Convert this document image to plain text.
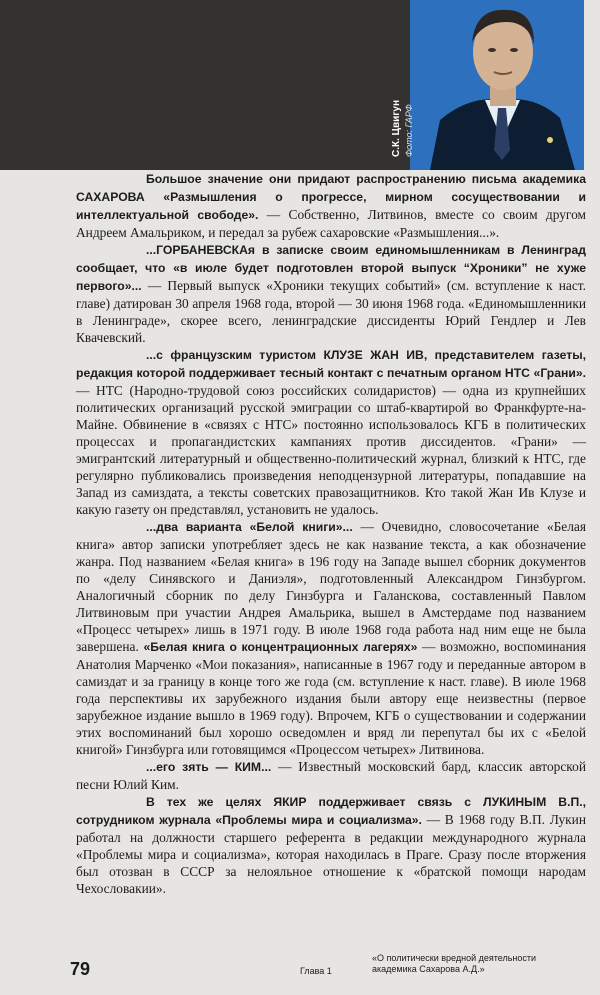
С.К. Цвигун Фото: ГАРФ

Большое значение они придают распространению письма академика САХАРОВА «Размышления о прогрессе, мирном сосуществовании и интеллектуальной свободе». — Собственно, Литвинов, вместе со своим другом Андреем Амальриком, и передал за рубеж сахаровские «Размышления...».

...ГОРБАНЕВСКАя в записке своим единомышленникам в Ленинград сообщает, что «в июле будет подготовлен второй выпуск “Хроники” не хуже первого»... — Первый выпуск «Хроники текущих событий» (см. вступление к наст. главе) датирован 30 апреля 1968 года, второй — 30 июня 1968 года. «Единомышленники в Ленинграде», скорее всего, ленинградские диссиденты Юрий Гендлер и Лев Квачевский.

...с французским туристом КЛУЗЕ ЖАН ИВ, представителем газеты, редакция которой поддерживает тесный контакт с печатным органом НТС «Грани». — НТС (Народно-трудовой союз российских солидаристов) — одна из крупнейших политических организаций русской эмиграции со штаб-квартирой во Франкфурте-на-Майне. Обвинение в «связях с НТС» постоянно использовалось КГБ в политических процессах и пропагандистских кампаниях против диссидентов. «Грани» — эмигрантский литературный и общественно-политический журнал, близкий к НТС, где регулярно публиковались произведения неподцензурной литературы, попадавшие на Запад из самиздата, а тексты советских правозащитников. Кто такой Жан Ив Клузе и какую газету он представлял, установить не удалось.

...два варианта «Белой книги»... — Очевидно, словосочетание «Белая книга» автор записки употребляет здесь не как название текста, а как обозначение жанра. Под названием «Белая книга» в 196 году на Западе вышел сборник документов по «делу Синявского и Даниэля», подготовленный Александром Гинзбургом. Аналогичный сборник по делу Гинзбурга и Галанскова, составленный Павлом Литвиновым при участии Андрея Амальрика, вышел в Амстердаме под названием «Процесс четырех» лишь в 1971 году. В июле 1968 года работа над ним еще не была завершена. «Белая книга о концентрационных лагерях» — возможно, воспоминания Анатолия Марченко «Мои показания», написанные в 1967 году и переданные автором в самиздат и за границу в конце того же года (см. вступление к наст. главе). В июле 1968 года перспективы их зарубежного издания были автору еще неизвестны (первое зарубежное издание вышло в 1969 году). Впрочем, КГБ о существовании и содержании этих воспоминаний был хорошо осведомлен и вряд ли перепутал бы их с «Белой книгой» Гинзбурга или готовящимся «Процессом четырех» Литвинова.

...его зять — КИМ... — Известный московский бард, классик авторской песни Юлий Ким.

В тех же целях ЯКИР поддерживает связь с ЛУКИНЫМ В.П., сотрудником журнала «Проблемы мира и социализма». — В 1968 году В.П. Лукин работал на должности старшего референта в редакции международного журнала «Проблемы мира и социализма», которая находилась в Праге. Сразу после вторжения был отозван в СССР за нелояльное отношение к «братской помощи народам Чехословакии».

79	Глава 1
«О политически вредной деятельности академика Сахарова А.Д.»
